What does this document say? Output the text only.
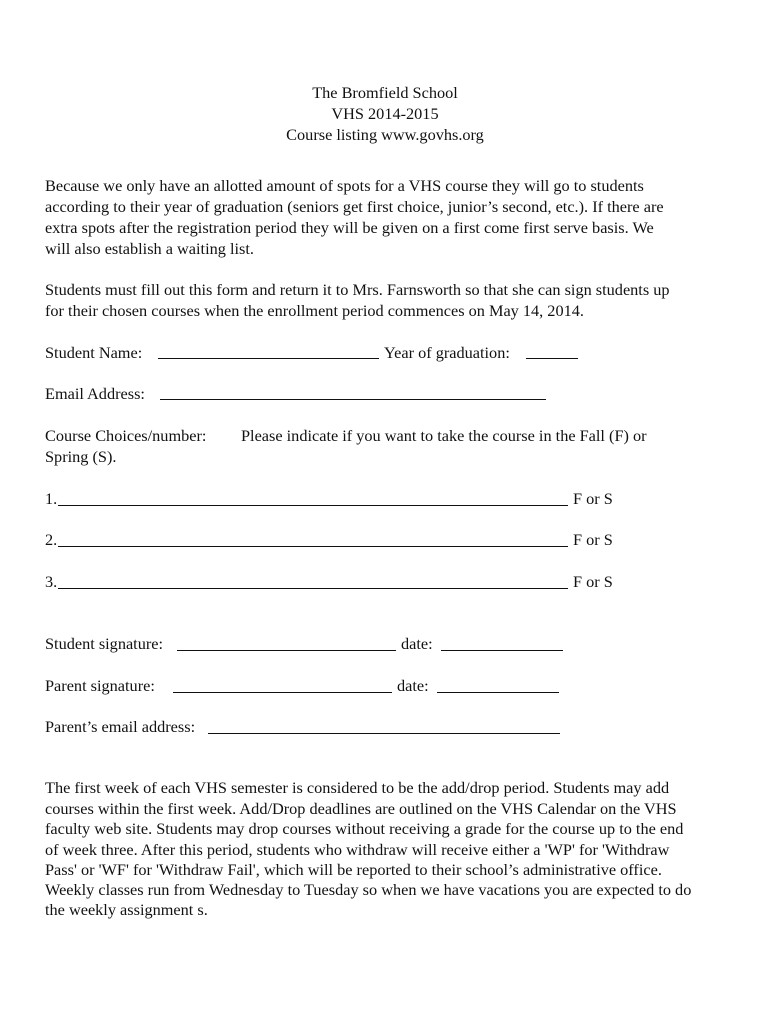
The Bromfield School
VHS 2014-2015
Course listing www.govhs.org
Because we only have an allotted amount of spots for a VHS course they will go to students
according to their year of graduation (seniors get first choice, junior’s second, etc.). If there are
extra spots after the registration period they will be given on a first come first serve basis. We
will also establish a waiting list.
Students must fill out this form and return it to Mrs. Farnsworth so that she can sign students up
for their chosen courses when the enrollment period commences on May 14, 2014.
Student Name:	Year of graduation:
Email Address:
Course Choices/number: Please indicate if you want to take the course in the Fall (F) or
Spring (S).
1.	F or S
2.	F or S
3.	F or S
Student signature:	date:
Parent signature:	date:
Parent’s email address:
The first week of each VHS semester is considered to be the add/drop period. Students may add
courses within the first week. Add/Drop deadlines are outlined on the VHS Calendar on the VHS
faculty web site. Students may drop courses without receiving a grade for the course up to the end
of week three. After this period, students who withdraw will receive either a 'WP' for 'Withdraw
Pass' or 'WF' for 'Withdraw Fail', which will be reported to their school’s administrative office.
Weekly classes run from Wednesday to Tuesday so when we have vacations you are expected to do
the weekly assignment s.
